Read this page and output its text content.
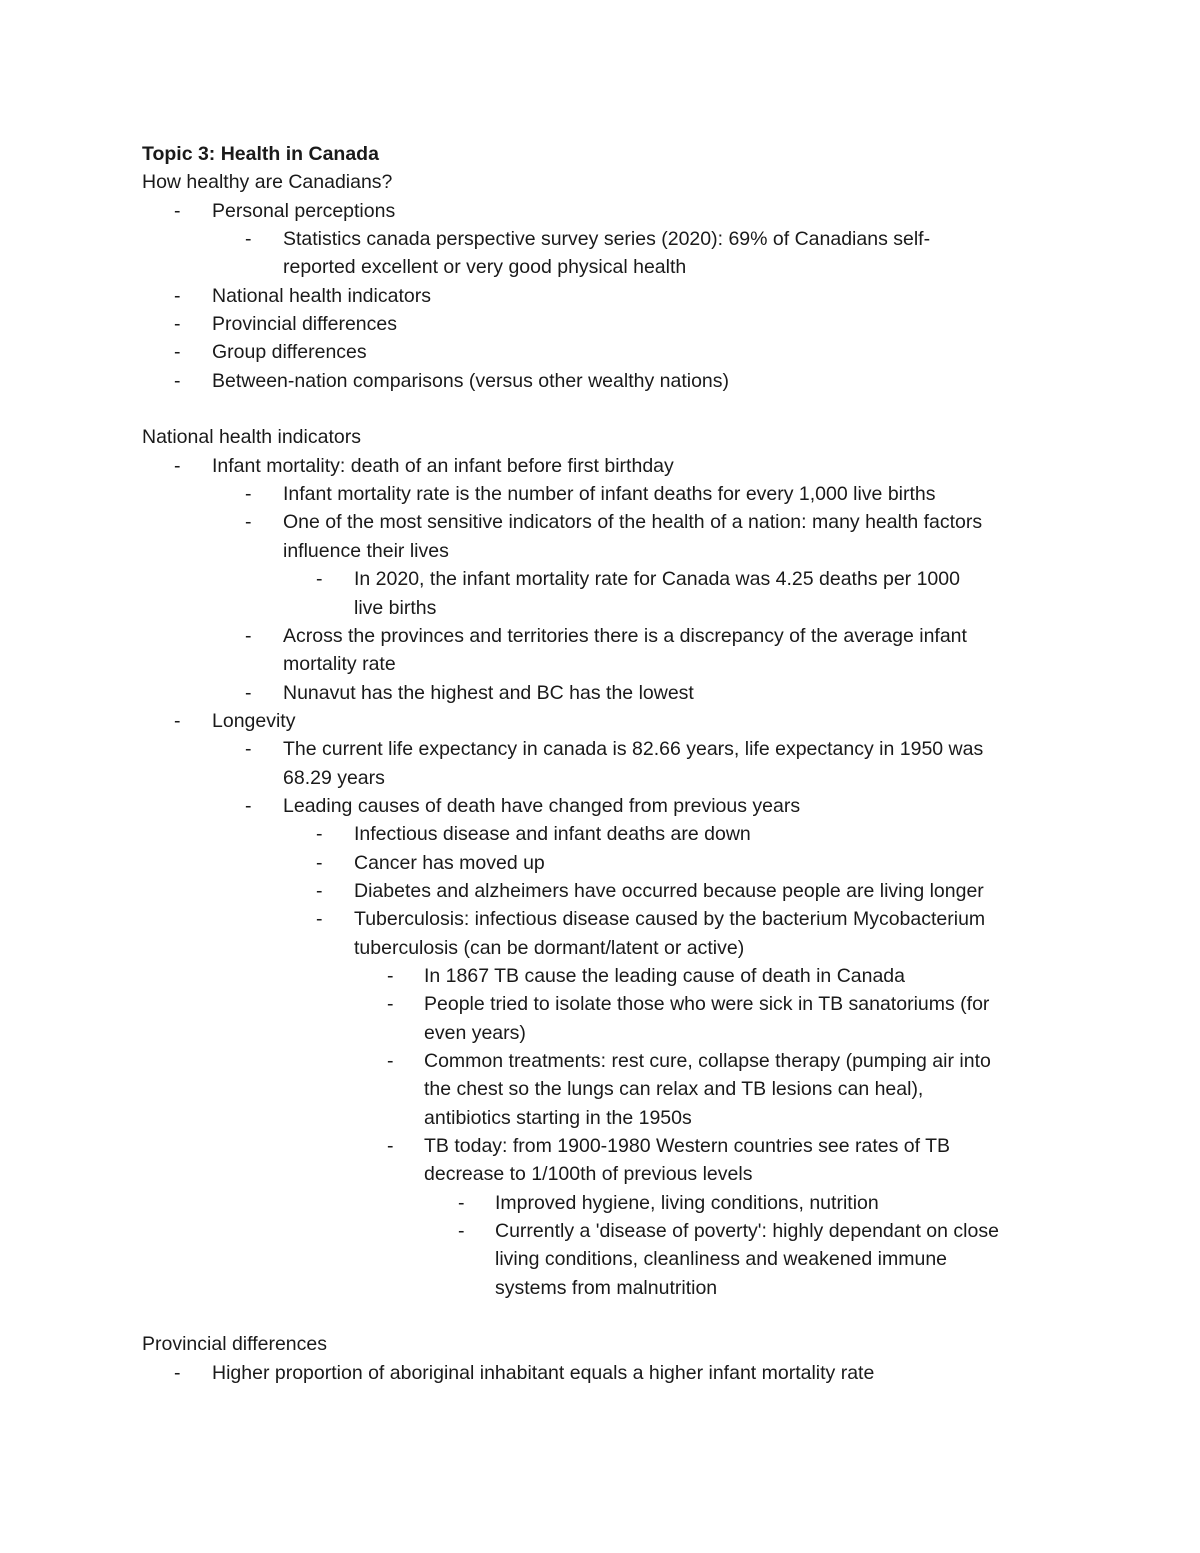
Topic 3: Health in Canada
How healthy are Canadians?
- Personal perceptions
- Statistics canada perspective survey series (2020): 69% of Canadians self-
reported excellent or very good physical health
- National health indicators
- Provincial differences
- Group differences
- Between-nation comparisons (versus other wealthy nations)
National health indicators
- Infant mortality: death of an infant before first birthday
- Infant mortality rate is the number of infant deaths for every 1,000 live births
- One of the most sensitive indicators of the health of a nation: many health factors
influence their lives
- In 2020, the infant mortality rate for Canada was 4.25 deaths per 1000
live births
- Across the provinces and territories there is a discrepancy of the average infant
mortality rate
- Nunavut has the highest and BC has the lowest
- Longevity
- The current life expectancy in canada is 82.66 years, life expectancy in 1950 was
68.29 years
- Leading causes of death have changed from previous years
- Infectious disease and infant deaths are down
- Cancer has moved up
- Diabetes and alzheimers have occurred because people are living longer
- Tuberculosis: infectious disease caused by the bacterium Mycobacterium
tuberculosis (can be dormant/latent or active)
- In 1867 TB cause the leading cause of death in Canada
- People tried to isolate those who were sick in TB sanatoriums (for
even years)
- Common treatments: rest cure, collapse therapy (pumping air into
the chest so the lungs can relax and TB lesions can heal),
antibiotics starting in the 1950s
- TB today: from 1900-1980 Western countries see rates of TB
decrease to 1/100th of previous levels
- Improved hygiene, living conditions, nutrition
- Currently a 'disease of poverty': highly dependant on close
living conditions, cleanliness and weakened immune
systems from malnutrition
Provincial differences
- Higher proportion of aboriginal inhabitant equals a higher infant mortality rate
